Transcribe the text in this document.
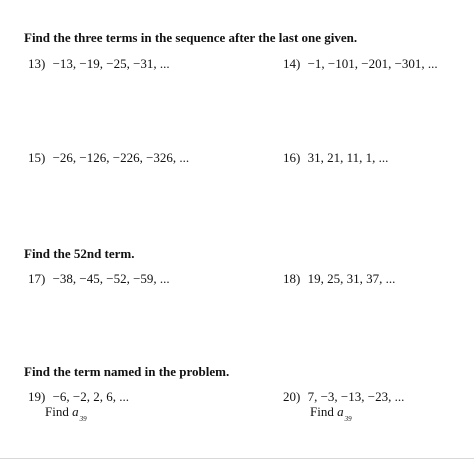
Find the three terms in the sequence after the last one given.
13) −13, −19, −25, −31, ...	14) −1, −101, −201, −301, ...
15) −26, −126, −226, −326, ...	16) 31, 21, 11, 1, ...
Find the 52nd term.
17) −38, −45, −52, −59, ...	18) 19, 25, 31, 37, ...
Find the term named in the problem.
19) −6, −2, 2, 6, ...
Find $a_{39}$
20) 7, −3, −13, −23, ...
Find $a_{39}$
